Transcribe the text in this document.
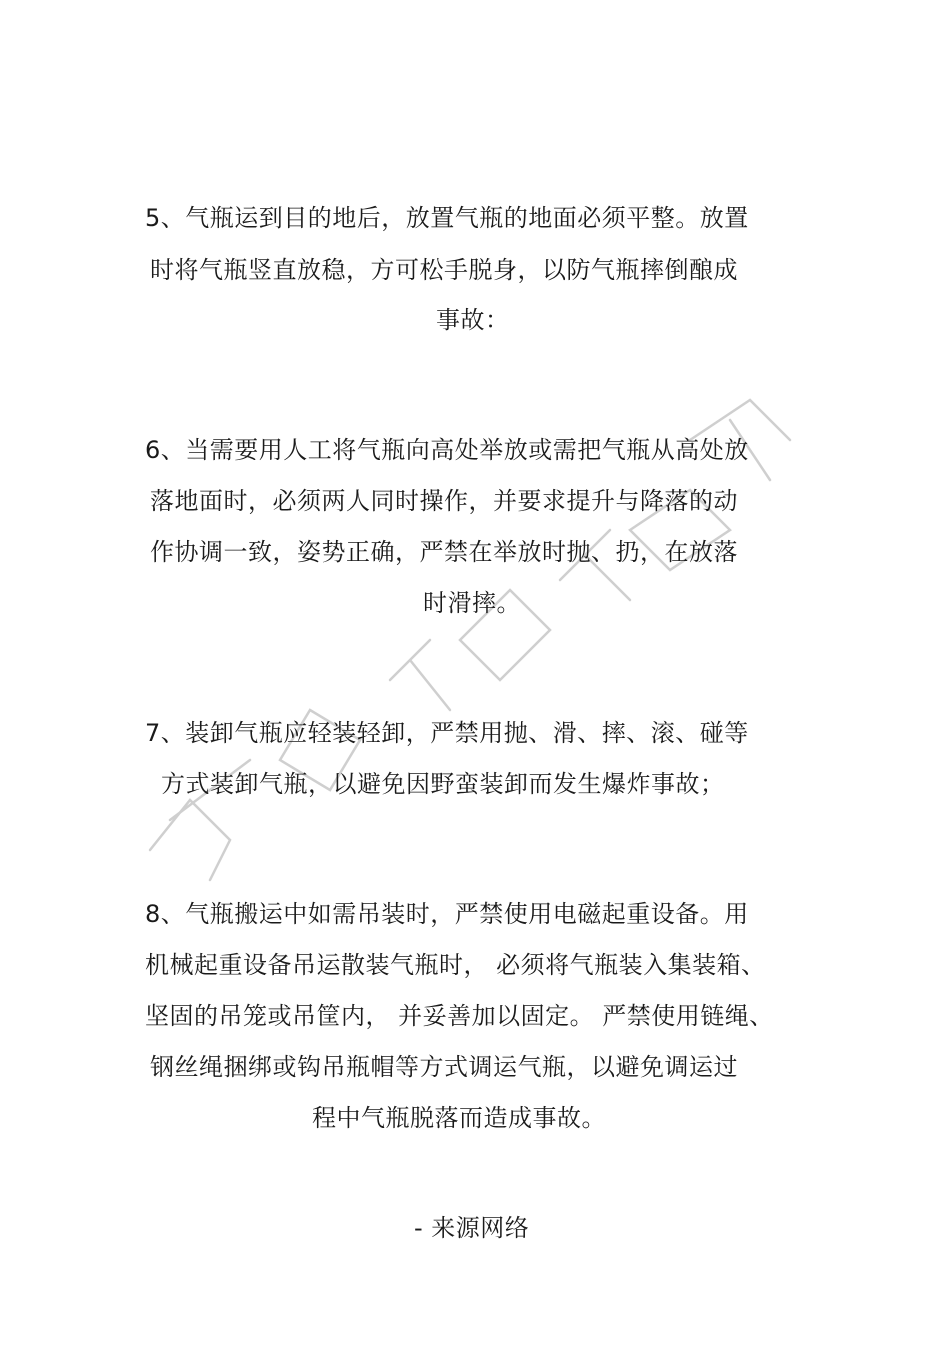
5、气瓶运到目的地后，放置气瓶的地面必须平整。放置
时将气瓶竖直放稳，方可松手脱身，以防气瓶摔倒酿成
事故：
6、当需要用人工将气瓶向高处举放或需把气瓶从高处放
落地面时，必须两人同时操作，并要求提升与降落的动
作协调一致，姿势正确，严禁在举放时抛、扔，在放落
时滑摔。
7、装卸气瓶应轻装轻卸，严禁用抛、滑、摔、滚、碰等
方式装卸气瓶，以避免因野蛮装卸而发生爆炸事故；
8、气瓶搬运中如需吊装时，严禁使用电磁起重设备。用
机械起重设备吊运散装气瓶时， 必须将气瓶装入集装箱、
坚固的吊笼或吊筐内， 并妥善加以固定。 严禁使用链绳、
钢丝绳捆绑或钩吊瓶帽等方式调运气瓶，以避免调运过
程中气瓶脱落而造成事故。
- 来源网络
